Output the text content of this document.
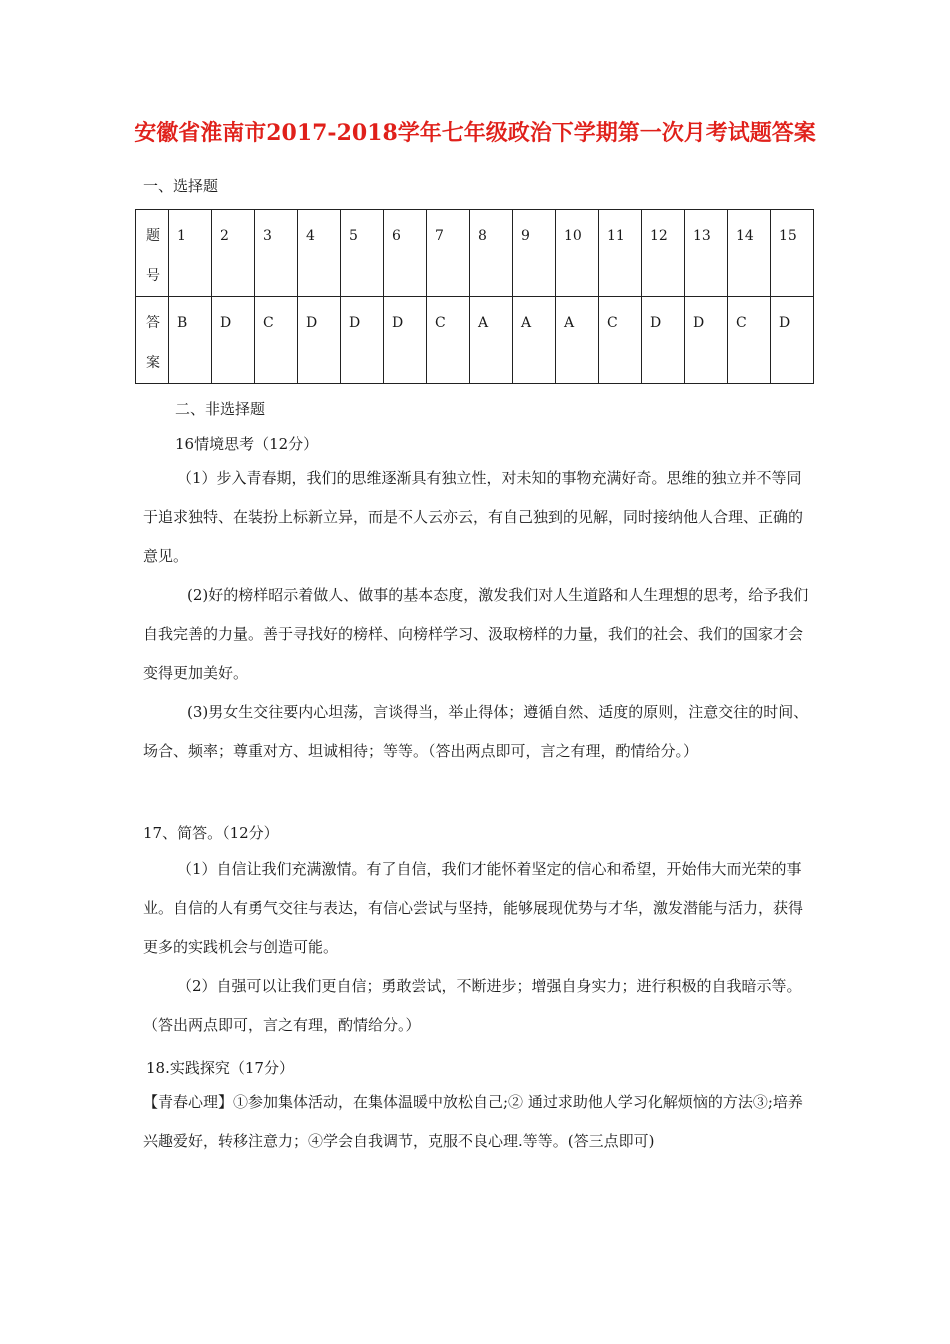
安徽省淮南市2017-2018学年七年级政治下学期第一次月考试题答案
一、选择题
题号	1	2	3	4	5	6	7	8	9	10	11	12	13	14	15
答案	B	D	C	D	D	D	C	A	A	A	C	D	D	C	D
二、非选择题
16情境思考（12分）
（1）步入青春期，我们的思维逐渐具有独立性，对未知的事物充满好奇。思维的独立并不等同于追求独特、在装扮上标新立异，而是不人云亦云，有自己独到的见解，同时接纳他人合理、正确的意见。
(2)好的榜样昭示着做人、做事的基本态度，激发我们对人生道路和人生理想的思考，给予我们自我完善的力量。善于寻找好的榜样、向榜样学习、汲取榜样的力量，我们的社会、我们的国家才会变得更加美好。
(3)男女生交往要内心坦荡，言谈得当，举止得体；遵循自然、适度的原则，注意交往的时间、场合、频率；尊重对方、坦诚相待；等等。（答出两点即可，言之有理，酌情给分。）
17、简答。（12分）
（1）自信让我们充满激情。有了自信，我们才能怀着坚定的信心和希望，开始伟大而光荣的事业。自信的人有勇气交往与表达，有信心尝试与坚持，能够展现优势与才华，激发潜能与活力，获得更多的实践机会与创造可能。
（2）自强可以让我们更自信；勇敢尝试，不断进步；增强自身实力；进行积极的自我暗示等。（答出两点即可，言之有理，酌情给分。）
18.实践探究（17分）
【青春心理】①参加集体活动，在集体温暖中放松自己;② 通过求助他人学习化解烦恼的方法③;培养兴趣爱好，转移注意力；④学会自我调节，克服不良心理.等等。(答三点即可)
